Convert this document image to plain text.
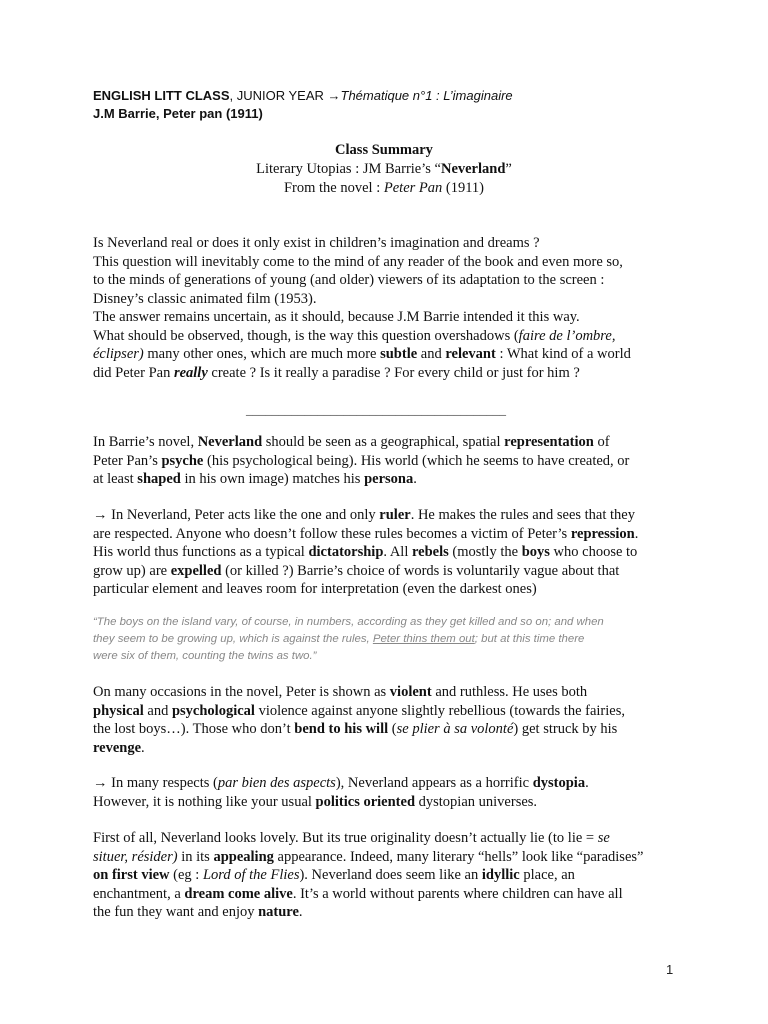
ENGLISH LITT CLASS, JUNIOR YEAR →Thématique n°1 : L’imaginaire
J.M Barrie, Peter pan (1911)
Class Summary
Literary Utopias : JM Barrie’s “Neverland”
From the novel : Peter Pan (1911)
Is Neverland real or does it only exist in children’s imagination and dreams ?
This question will inevitably come to the mind of any reader of the book and even more so,
to the minds of generations of young (and older) viewers of its adaptation to the screen :
Disney’s classic animated film (1953).
The answer remains uncertain, as it should, because J.M Barrie intended it this way.
What should be observed, though, is the way this question overshadows (faire de l’ombre,
éclipser) many other ones, which are much more subtle and relevant : What kind of a world
did Peter Pan really create ? Is it really a paradise ? For every child or just for him ?
________________________________________
In Barrie’s novel, Neverland should be seen as a geographical, spatial representation of
Peter Pan’s psyche (his psychological being). His world (which he seems to have created, or
at least shaped in his own image) matches his persona.
→ In Neverland, Peter acts like the one and only ruler. He makes the rules and sees that they
are respected. Anyone who doesn’t follow these rules becomes a victim of Peter’s repression.
His world thus functions as a typical dictatorship. All rebels (mostly the boys who choose to
grow up) are expelled (or killed ?) Barrie’s choice of words is voluntarily vague about that
particular element and leaves room for interpretation (even the darkest ones)
“The boys on the island vary, of course, in numbers, according as they get killed and so on; and when
they seem to be growing up, which is against the rules, Peter thins them out; but at this time there
were six of them, counting the twins as two.”
On many occasions in the novel, Peter is shown as violent and ruthless. He uses both
physical and psychological violence against anyone slightly rebellious (towards the fairies,
the lost boys…). Those who don’t bend to his will (se plier à sa volonté) get struck by his
revenge.
→ In many respects (par bien des aspects), Neverland appears as a horrific dystopia.
However, it is nothing like your usual politics oriented dystopian universes.
First of all, Neverland looks lovely. But its true originality doesn’t actually lie (to lie = se
situer, résider) in its appealing appearance. Indeed, many literary “hells” look like “paradises”
on first view (eg : Lord of the Flies). Neverland does seem like an idyllic place, an
enchantment, a dream come alive. It’s a world without parents where children can have all
the fun they want and enjoy nature.
1
